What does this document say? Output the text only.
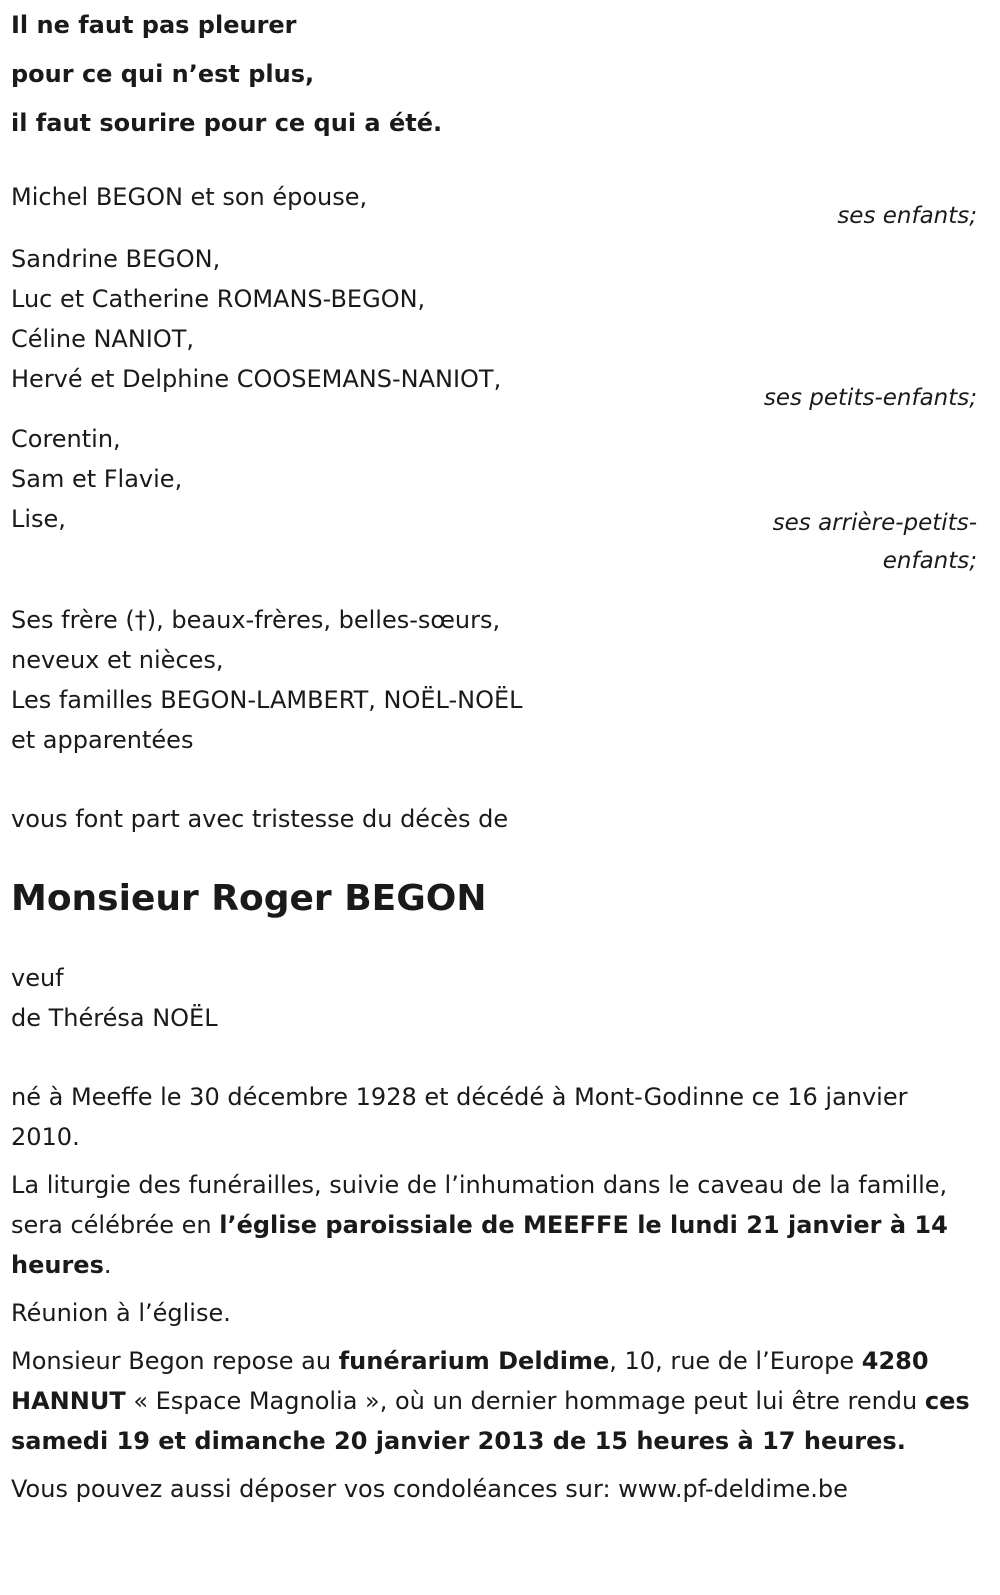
Il ne faut pas pleurer
pour ce qui n’est plus,
il faut sourire pour ce qui a été.
Michel BEGON et son épouse,
ses enfants;
Sandrine BEGON,
Luc et Catherine ROMANS-BEGON,
Céline NANIOT,
Hervé et Delphine COOSEMANS-NANIOT,
ses petits-enfants;
Corentin,
Sam et Flavie,
Lise,	ses arrière-petits-
enfants;
Ses frère (†), beaux-frères, belles-sœurs,
neveux et nièces,
Les familles BEGON-LAMBERT, NOËL-NOËL
et apparentées
vous font part avec tristesse du décès de
Monsieur Roger BEGON
veuf
de Thérésa NOËL
né à Meeffe le 30 décembre 1928 et décédé à Mont-Godinne ce 16 janvier 2010.
La liturgie des funérailles, suivie de l’inhumation dans le caveau de la famille, sera célébrée en l’église paroissiale de MEEFFE le lundi 21 janvier à 14 heures.
Réunion à l’église.
Monsieur Begon repose au funérarium Deldime, 10, rue de l’Europe 4280 HANNUT « Espace Magnolia », où un dernier hommage peut lui être rendu ces samedi 19 et dimanche 20 janvier 2013 de 15 heures à 17 heures.
Vous pouvez aussi déposer vos condoléances sur: www.pf-deldime.be
